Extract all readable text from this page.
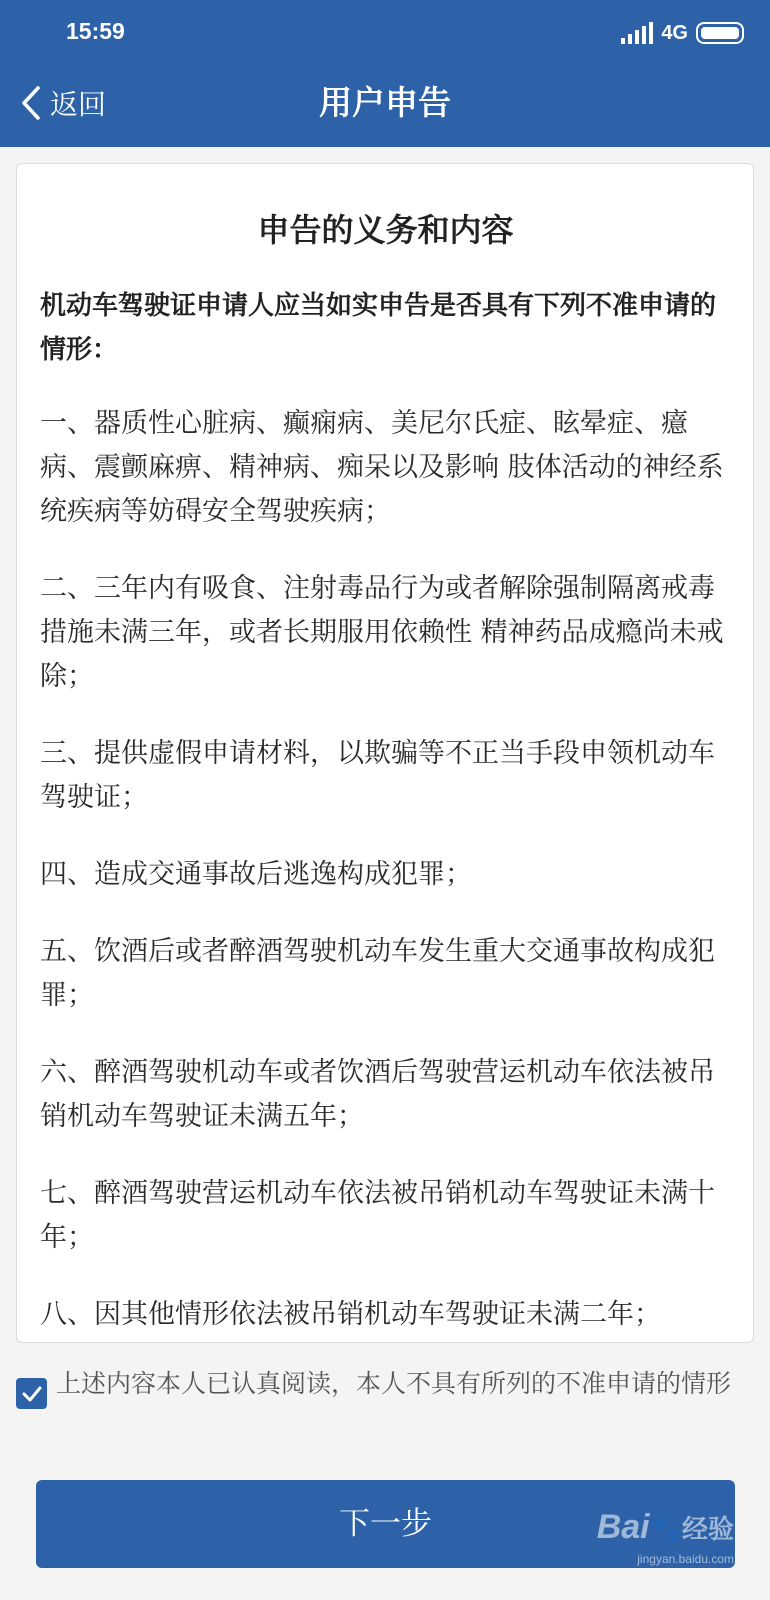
15:59	4G
返回	用户申告
申告的义务和内容
机动车驾驶证申请人应当如实申告是否具有下列不准申请的情形：
一、器质性心脏病、癫痫病、美尼尔氏症、眩晕症、癔病、震颤麻痹、精神病、痴呆以及影响 肢体活动的神经系统疾病等妨碍安全驾驶疾病；
二、三年内有吸食、注射毒品行为或者解除强制隔离戒毒措施未满三年，或者长期服用依赖性 精神药品成瘾尚未戒除；
三、提供虚假申请材料，以欺骗等不正当手段申领机动车驾驶证；
四、造成交通事故后逃逸构成犯罪；
五、饮酒后或者醉酒驾驶机动车发生重大交通事故构成犯罪；
六、醉酒驾驶机动车或者饮酒后驾驶营运机动车依法被吊销机动车驾驶证未满五年；
七、醉酒驾驶营运机动车依法被吊销机动车驾驶证未满十年；
八、因其他情形依法被吊销机动车驾驶证未满二年；
上述内容本人已认真阅读，本人不具有所列的不准申请的情形
下一步	Bai🐾经验
jingyan.baidu.com
